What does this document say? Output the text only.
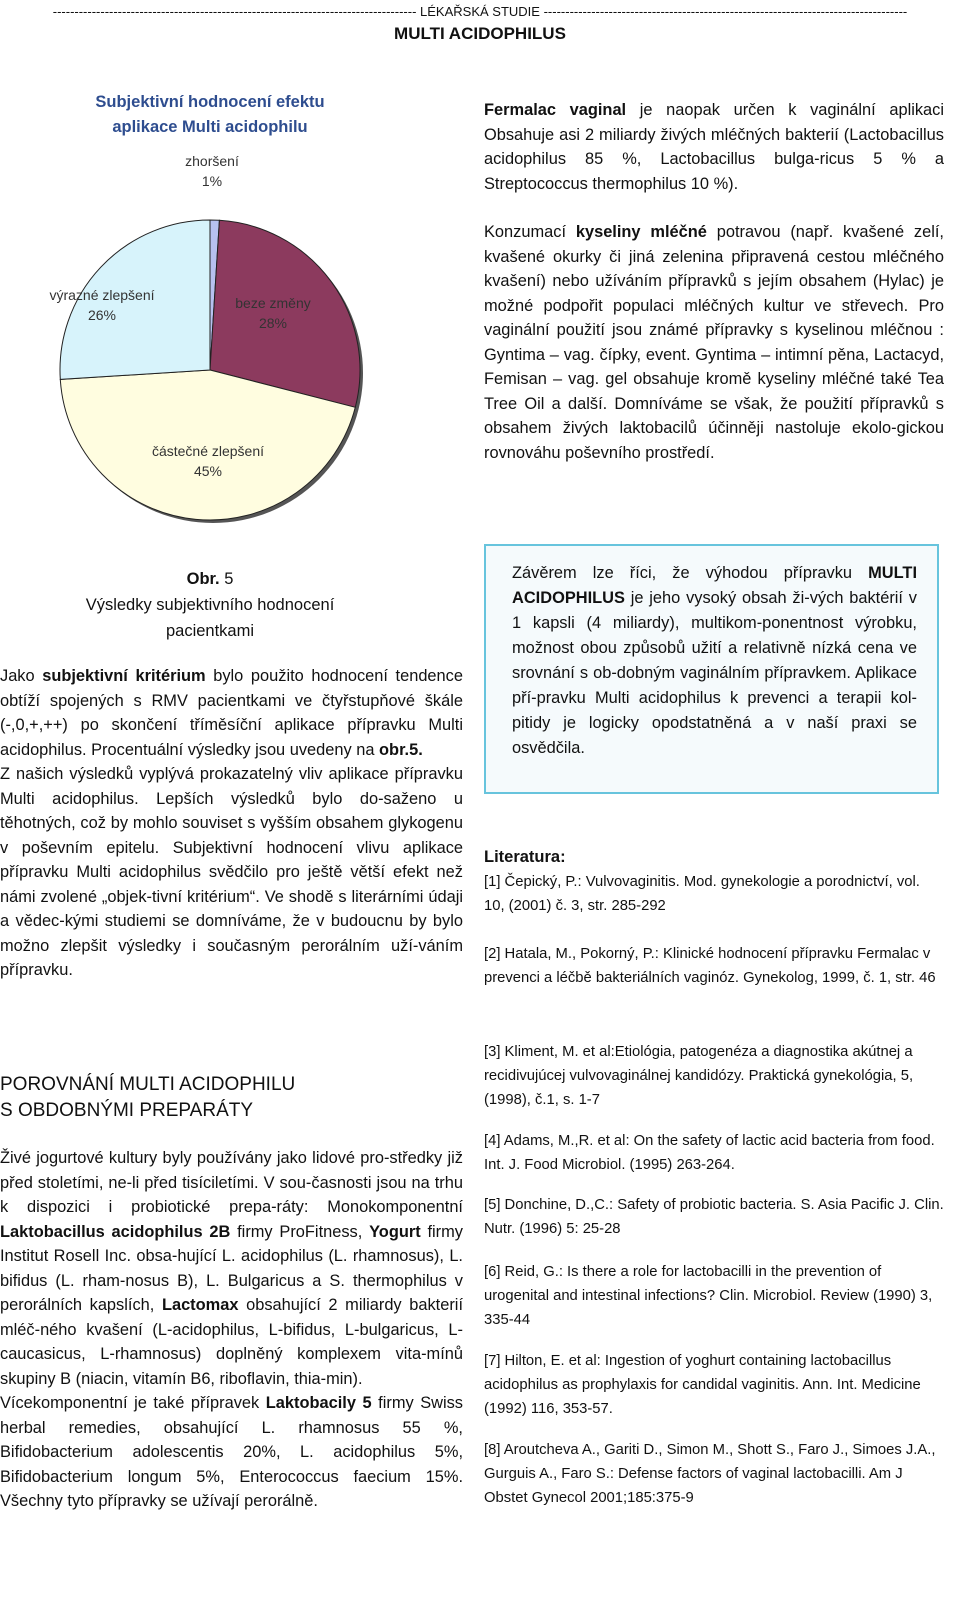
------------------------------------------------------------------------------------ LÉKAŘSKÁ STUDIE ------------------------------------------------------------------------------------
MULTI ACIDOPHILUS
Subjektivní hodnocení efektu
aplikace Multi acidophilu
zhoršení
1%
beze změny
28%
částečné zlepšení
45%
výrazné zlepšení
26%

Fermalac vaginal je naopak určen k vaginální aplikaci Obsahuje asi 2 miliardy živých mléčných bakterií (Lactobacillus acidophilus 85 %, Lactobacillus bulga-ricus 5 % a Streptococcus thermophilus 10 %).

Konzumací kyseliny mléčné potravou (např. kvašené zelí, kvašené okurky či jiná zelenina připravená cestou mléčného kvašení) nebo užíváním přípravků s jejím obsahem (Hylac) je možné podpořit populaci mléčných kultur ve střevech. Pro vaginální použití jsou známé přípravky s kyselinou mléčnou : Gyntima – vag. čípky, event. Gyntima – intimní pěna, Lactacyd, Femisan – vag. gel obsahuje kromě kyseliny mléčné také Tea Tree Oil a další. Domníváme se však, že použití přípravků s obsahem živých laktobacilů účinněji nastoluje ekolo-gickou rovnováhu poševního prostředí.

Obr. 5
Výsledky subjektivního hodnocení
pacientkami

Jako subjektivní kritérium bylo použito hodnocení tendence obtíží spojených s RMV pacientkami ve čtyřstupňové škále (-,0,+,++) po skončení tříměsíční aplikace přípravku Multi acidophilus. Procentuální výsledky jsou uvedeny na obr.5.

Z našich výsledků vyplývá prokazatelný vliv aplikace přípravku Multi acidophilus. Lepších výsledků bylo do-saženo u těhotných, což by mohlo souviset s vyšším obsahem glykogenu v poševním epitelu. Subjektivní hodnocení vlivu aplikace přípravku Multi acidophilus svědčilo pro ještě větší efekt než námi zvolené „objek-tivní kritérium“. Ve shodě s literárními údaji a vědec-kými studiemi se domníváme, že v budoucnu by bylo možno zlepšit výsledky i současným perorálním uží-váním přípravku.

POROVNÁNÍ MULTI ACIDOPHILU
S OBDOBNÝMI PREPARÁTY

Živé jogurtové kultury byly používány jako lidové pro-středky již před stoletími, ne-li před tisíciletími. V sou-časnosti jsou na trhu k dispozici i probiotické prepa-ráty: Monokomponentní Laktobacillus acidophilus 2B firmy ProFitness, Yogurt firmy Institut Rosell Inc. obsa-hující L. acidophilus (L. rhamnosus), L. bifidus (L. rham-nosus B), L. Bulgaricus a S. thermophilus v perorálních kapslích, Lactomax obsahující 2 miliardy bakterií mléč-ného kvašení (L-acidophilus, L-bifidus, L-bulgaricus, L-caucasicus, L-rhamnosus) doplněný komplexem vita-mínů skupiny B (niacin, vitamín B6, riboflavin, thia-min).

Vícekomponentní je také přípravek Laktobacily 5 firmy Swiss herbal remedies, obsahující L. rhamnosus 55 %, Bifidobacterium adolescentis 20%, L. acidophilus 5%, Bifidobacterium longum 5%, Enterococcus faecium 15%. Všechny tyto přípravky se užívají perorálně.

Závěrem lze říci, že výhodou přípravku MULTI ACIDOPHILUS je jeho vysoký obsah ži-vých baktérií v 1 kapsli (4 miliardy), multikom-ponentnost výrobku, možnost obou způsobů užití a relativně nízká cena ve srovnání s ob-dobným vaginálním přípravkem. Aplikace pří-pravku Multi acidophilus k prevenci a terapii kol-pitidy je logicky opodstatněná a v naší praxi se osvědčila.
Literatura:
[1] Čepický, P.: Vulvovaginitis. Mod. gynekologie a porodnictví, vol. 10, (2001) č. 3, str. 285-292
[2] Hatala, M., Pokorný, P.: Klinické hodnocení přípravku Fermalac v prevenci a léčbě bakteriálních vaginóz. Gynekolog, 1999, č. 1, str. 46
[3] Kliment, M. et al:Etiológia, patogenéza a diagnostika akútnej a recidivujúcej vulvovaginálnej kandidózy. Praktická gynekológia, 5, (1998), č.1, s. 1-7
[4] Adams, M.,R. et al: On the safety of lactic acid bacteria from food. Int. J. Food Microbiol. (1995) 263-264.
[5] Donchine, D.,C.: Safety of probiotic bacteria. S. Asia Pacific J. Clin. Nutr. (1996) 5: 25-28
[6] Reid, G.: Is there a role for lactobacilli in the prevention of urogenital and intestinal infections? Clin. Microbiol. Review (1990) 3, 335-44
[7] Hilton, E. et al: Ingestion of yoghurt containing lactobacillus acidophilus as prophylaxis for candidal vaginitis. Ann. Int. Medicine (1992) 116, 353-57.
[8] Aroutcheva A., Gariti D., Simon M., Shott S., Faro J., Simoes J.A., Gurguis A., Faro S.: Defense factors of vaginal lactobacilli. Am J Obstet Gynecol 2001;185:375-9
